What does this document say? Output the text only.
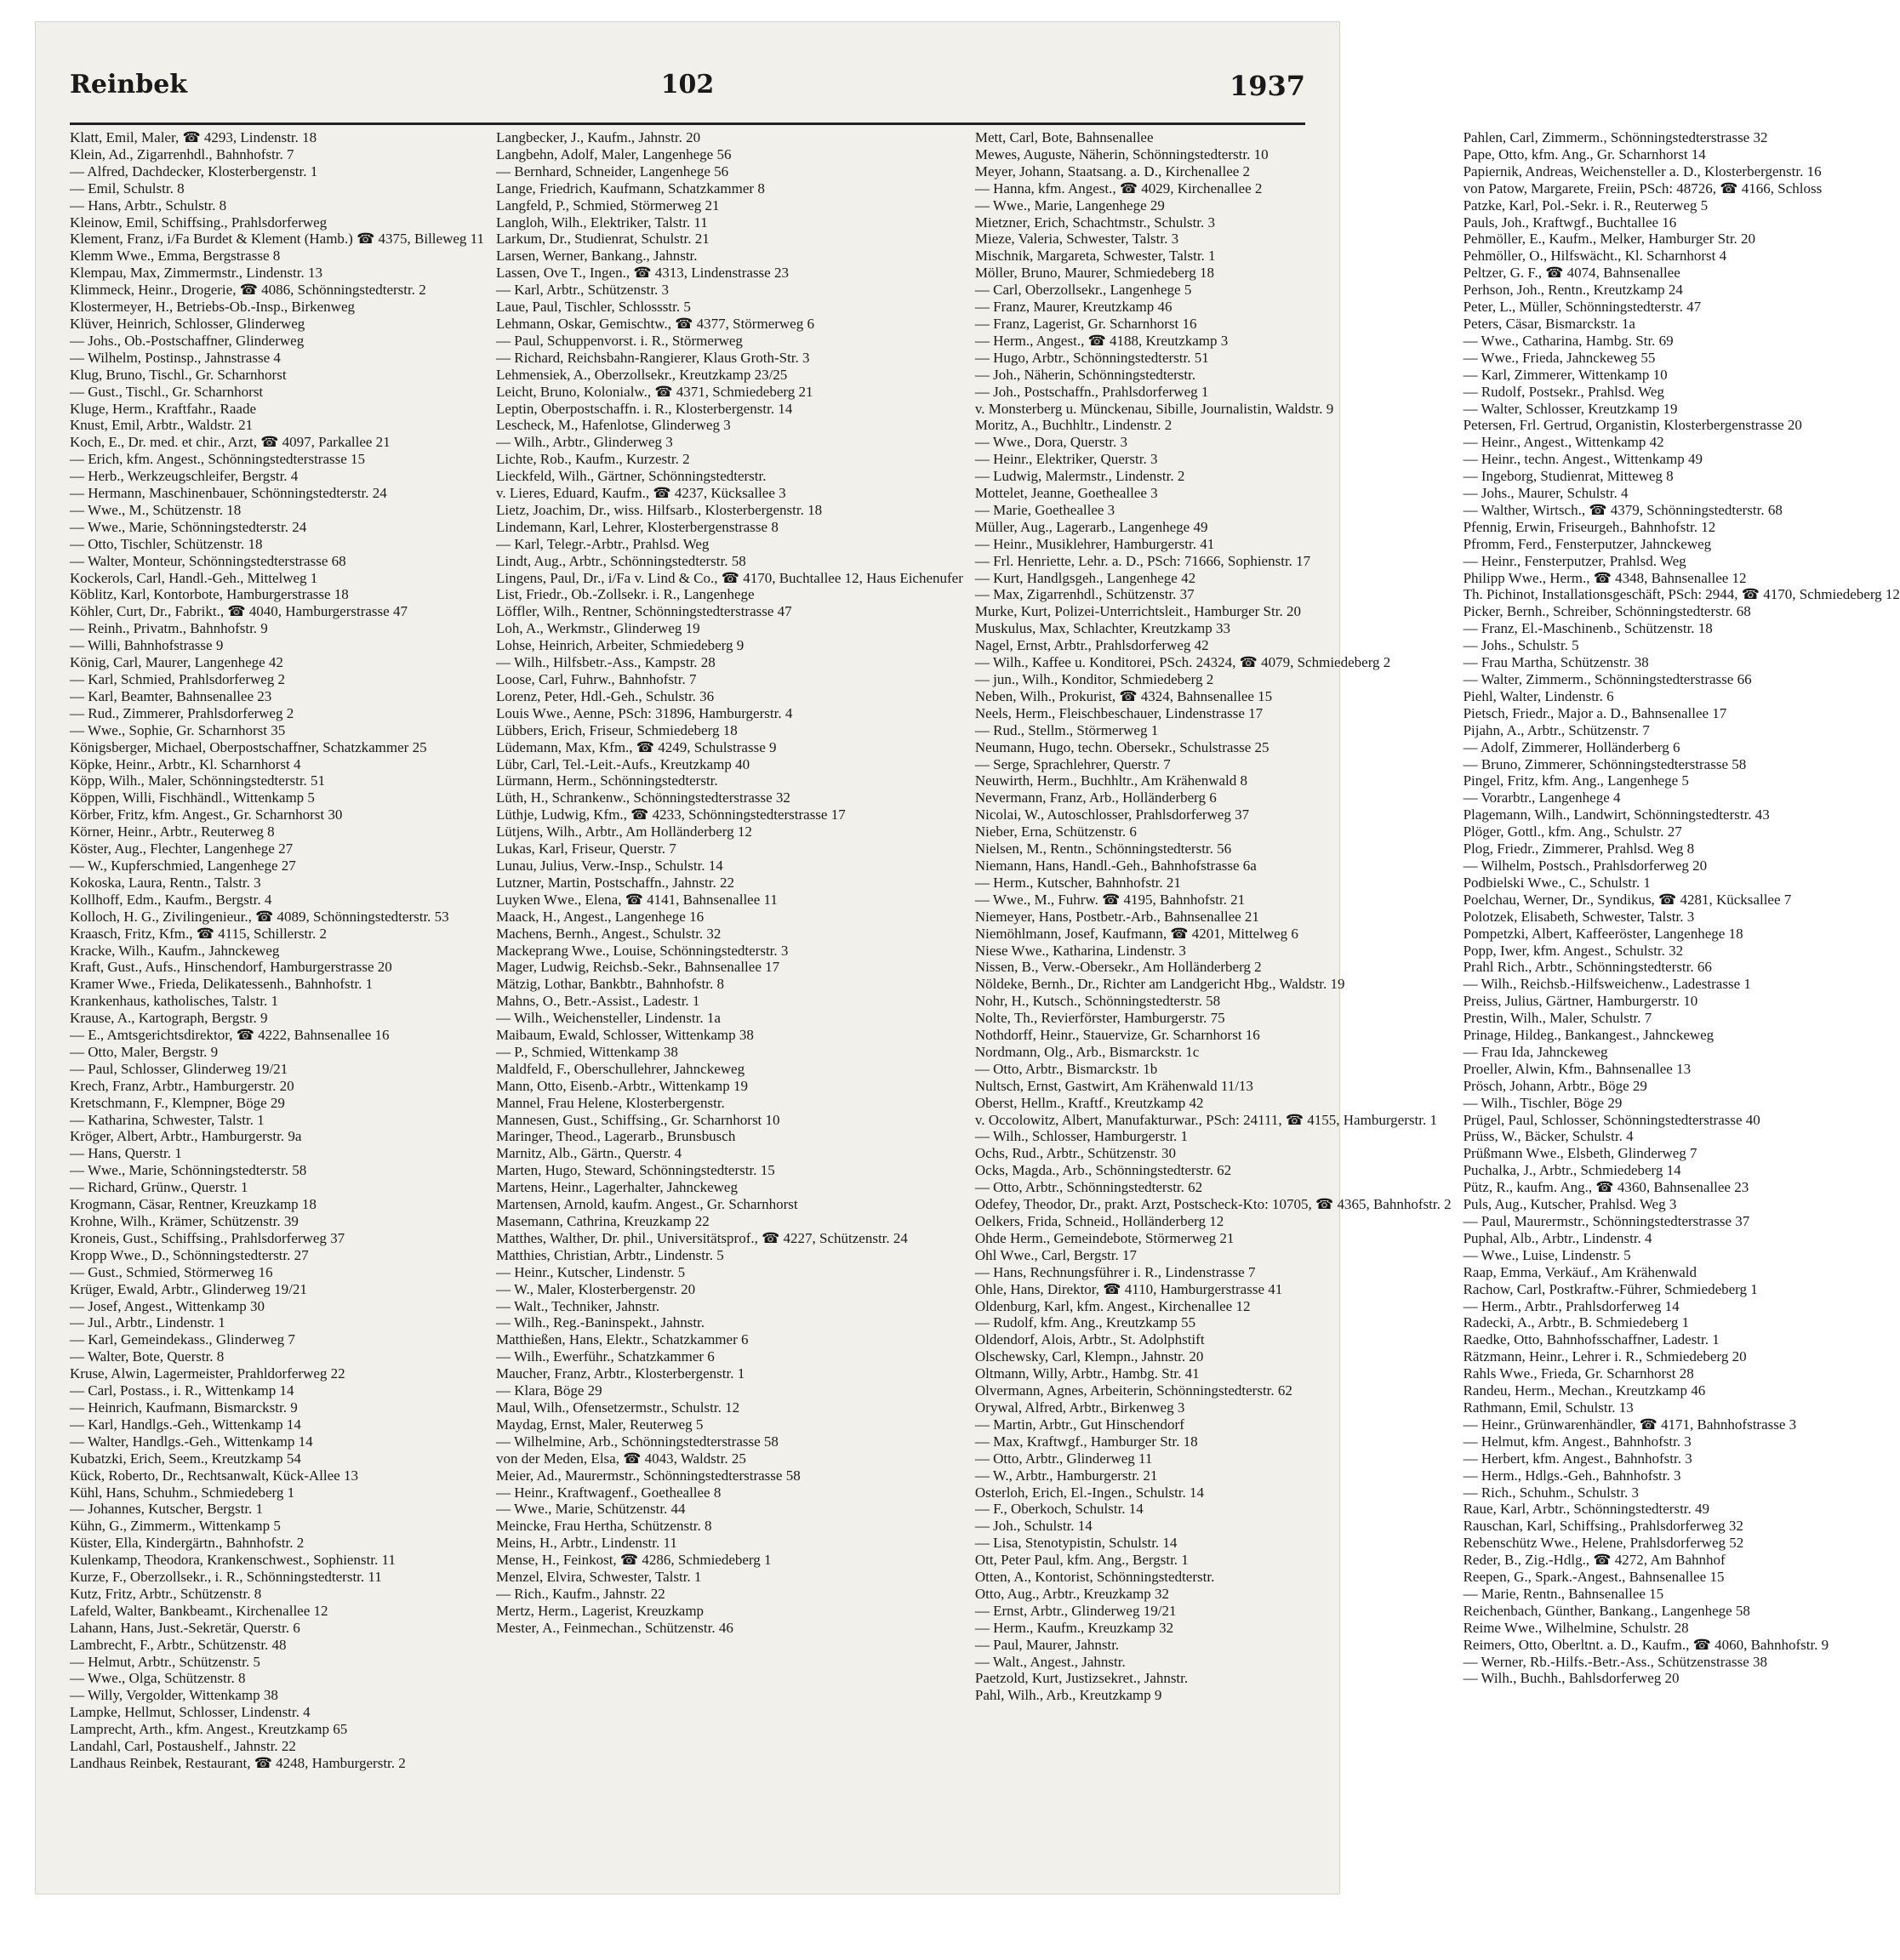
Reinbek	102	1937
Klatt, Emil, Maler, ☎ 4293, Lindenstr. 18
Klein, Ad., Zigarrenhdl., Bahnhofstr. 7
— Alfred, Dachdecker, Klosterbergenstr. 1
— Emil, Schulstr. 8
— Hans, Arbtr., Schulstr. 8
Kleinow, Emil, Schiffsing., Prahlsdorferweg
Klement, Franz, i/Fa Burdet & Klement (Hamb.) ☎ 4375, Billeweg 11
Klemm Wwe., Emma, Bergstrasse 8
Klempau, Max, Zimmermstr., Lindenstr. 13
Klimmeck, Heinr., Drogerie, ☎ 4086, Schönningstedterstr. 2
Klostermeyer, H., Betriebs-Ob.-Insp., Birkenweg
Klüver, Heinrich, Schlosser, Glinderweg
— Johs., Ob.-Postschaffner, Glinderweg
— Wilhelm, Postinsp., Jahnstrasse 4
Klug, Bruno, Tischl., Gr. Scharnhorst
— Gust., Tischl., Gr. Scharnhorst
Kluge, Herm., Kraftfahr., Raade
Knust, Emil, Arbtr., Waldstr. 21
Koch, E., Dr. med. et chir., Arzt, ☎ 4097, Parkallee 21
— Erich, kfm. Angest., Schönningstedterstrasse 15
— Herb., Werkzeugschleifer, Bergstr. 4
— Hermann, Maschinenbauer, Schönningstedterstr. 24
— Wwe., M., Schützenstr. 18
— Wwe., Marie, Schönningstedterstr. 24
— Otto, Tischler, Schützenstr. 18
— Walter, Monteur, Schönningstedterstrasse 68
Kockerols, Carl, Handl.-Geh., Mittelweg 1
Köblitz, Karl, Kontorbote, Hamburgerstrasse 18
Köhler, Curt, Dr., Fabrikt., ☎ 4040, Hamburgerstrasse 47
— Reinh., Privatm., Bahnhofstr. 9
— Willi, Bahnhofstrasse 9
König, Carl, Maurer, Langenhege 42
— Karl, Schmied, Prahlsdorferweg 2
— Karl, Beamter, Bahnsenallee 23
— Rud., Zimmerer, Prahlsdorferweg 2
— Wwe., Sophie, Gr. Scharnhorst 35
Königsberger, Michael, Oberpostschaffner, Schatzkammer 25
Köpke, Heinr., Arbtr., Kl. Scharnhorst 4
Köpp, Wilh., Maler, Schönningstedterstr. 51
Köppen, Willi, Fischhändl., Wittenkamp 5
Körber, Fritz, kfm. Angest., Gr. Scharnhorst 30
Körner, Heinr., Arbtr., Reuterweg 8
Köster, Aug., Flechter, Langenhege 27
— W., Kupferschmied, Langenhege 27
Kokoska, Laura, Rentn., Talstr. 3
Kollhoff, Edm., Kaufm., Bergstr. 4
Kolloch, H. G., Zivilingenieur., ☎ 4089, Schönningstedterstr. 53
Kraasch, Fritz, Kfm., ☎ 4115, Schillerstr. 2
Kracke, Wilh., Kaufm., Jahnckeweg
Kraft, Gust., Aufs., Hinschendorf, Hamburgerstrasse 20
Kramer Wwe., Frieda, Delikatessenh., Bahnhofstr. 1
Krankenhaus, katholisches, Talstr. 1
Krause, A., Kartograph, Bergstr. 9
— E., Amtsgerichtsdirektor, ☎ 4222, Bahnsenallee 16
— Otto, Maler, Bergstr. 9
— Paul, Schlosser, Glinderweg 19/21
Krech, Franz, Arbtr., Hamburgerstr. 20
Kretschmann, F., Klempner, Böge 29
— Katharina, Schwester, Talstr. 1
Kröger, Albert, Arbtr., Hamburgerstr. 9a
— Hans, Querstr. 1
— Wwe., Marie, Schönningstedterstr. 58
— Richard, Grünw., Querstr. 1
Krogmann, Cäsar, Rentner, Kreuzkamp 18
Krohne, Wilh., Krämer, Schützenstr. 39
Kroneis, Gust., Schiffsing., Prahlsdorferweg 37
Kropp Wwe., D., Schönningstedterstr. 27
— Gust., Schmied, Störmerweg 16
Krüger, Ewald, Arbtr., Glinderweg 19/21
— Josef, Angest., Wittenkamp 30
— Jul., Arbtr., Lindenstr. 1
— Karl, Gemeindekass., Glinderweg 7
— Walter, Bote, Querstr. 8
Kruse, Alwin, Lagermeister, Prahldorferweg 22
— Carl, Postass., i. R., Wittenkamp 14
— Heinrich, Kaufmann, Bismarckstr. 9
— Karl, Handlgs.-Geh., Wittenkamp 14
— Walter, Handlgs.-Geh., Wittenkamp 14
Kubatzki, Erich, Seem., Kreutzkamp 54
Kück, Roberto, Dr., Rechtsanwalt, Kück-Allee 13
Kühl, Hans, Schuhm., Schmiedeberg 1
— Johannes, Kutscher, Bergstr. 1
Kühn, G., Zimmerm., Wittenkamp 5
Küster, Ella, Kindergärtn., Bahnhofstr. 2
Kulenkamp, Theodora, Krankenschwest., Sophienstr. 11
Kurze, F., Oberzollsekr., i. R., Schönningstedterstr. 11
Kutz, Fritz, Arbtr., Schützenstr. 8
Lafeld, Walter, Bankbeamt., Kirchenallee 12
Lahann, Hans, Just.-Sekretär, Querstr. 6
Lambrecht, F., Arbtr., Schützenstr. 48
— Helmut, Arbtr., Schützenstr. 5
— Wwe., Olga, Schützenstr. 8
— Willy, Vergolder, Wittenkamp 38
Lampke, Hellmut, Schlosser, Lindenstr. 4
Lamprecht, Arth., kfm. Angest., Kreutzkamp 65
Landahl, Carl, Postaushelf., Jahnstr. 22
Landhaus Reinbek, Restaurant, ☎ 4248, Hamburgerstr. 2
Langbecker, J., Kaufm., Jahnstr. 20
Langbehn, Adolf, Maler, Langenhege 56
— Bernhard, Schneider, Langenhege 56
Lange, Friedrich, Kaufmann, Schatzkammer 8
Langfeld, P., Schmied, Störmerweg 21
Langloh, Wilh., Elektriker, Talstr. 11
Larkum, Dr., Studienrat, Schulstr. 21
Larsen, Werner, Bankang., Jahnstr.
Lassen, Ove T., Ingen., ☎ 4313, Lindenstrasse 23
— Karl, Arbtr., Schützenstr. 3
Laue, Paul, Tischler, Schlossstr. 5
Lehmann, Oskar, Gemischtw., ☎ 4377, Störmerweg 6
— Paul, Schuppenvorst. i. R., Störmerweg
— Richard, Reichsbahn-Rangierer, Klaus Groth-Str. 3
Lehmensiek, A., Oberzollsekr., Kreutzkamp 23/25
Leicht, Bruno, Kolonialw., ☎ 4371, Schmiedeberg 21
Leptin, Oberpostschaffn. i. R., Klosterbergenstr. 14
Lescheck, M., Hafenlotse, Glinderweg 3
— Wilh., Arbtr., Glinderweg 3
Lichte, Rob., Kaufm., Kurzestr. 2
Lieckfeld, Wilh., Gärtner, Schönningstedterstr.
v. Lieres, Eduard, Kaufm., ☎ 4237, Kücksallee 3
Lietz, Joachim, Dr., wiss. Hilfsarb., Klosterbergenstr. 18
Lindemann, Karl, Lehrer, Klosterbergenstrasse 8
— Karl, Telegr.-Arbtr., Prahlsd. Weg
Lindt, Aug., Arbtr., Schönningstedterstr. 58
Lingens, Paul, Dr., i/Fa v. Lind & Co., ☎ 4170, Buchtallee 12, Haus Eichenufer
List, Friedr., Ob.-Zollsekr. i. R., Langenhege
Löffler, Wilh., Rentner, Schönningstedterstrasse 47
Loh, A., Werkmstr., Glinderweg 19
Lohse, Heinrich, Arbeiter, Schmiedeberg 9
— Wilh., Hilfsbetr.-Ass., Kampstr. 28
Loose, Carl, Fuhrw., Bahnhofstr. 7
Lorenz, Peter, Hdl.-Geh., Schulstr. 36
Louis Wwe., Aenne, PSch: 31896, Hamburgerstr. 4
Lübbers, Erich, Friseur, Schmiedeberg 18
Lüdemann, Max, Kfm., ☎ 4249, Schulstrasse 9
Lübr, Carl, Tel.-Leit.-Aufs., Kreutzkamp 40
Lürmann, Herm., Schönningstedterstr.
Lüth, H., Schrankenw., Schönningstedterstrasse 32
Lüthje, Ludwig, Kfm., ☎ 4233, Schönningstedterstrasse 17
Lütjens, Wilh., Arbtr., Am Holländerberg 12
Lukas, Karl, Friseur, Querstr. 7
Lunau, Julius, Verw.-Insp., Schulstr. 14
Lutzner, Martin, Postschaffn., Jahnstr. 22
Luyken Wwe., Elena, ☎ 4141, Bahnsenallee 11
Maack, H., Angest., Langenhege 16
Machens, Bernh., Angest., Schulstr. 32
Mackeprang Wwe., Louise, Schönningstedterstr. 3
Mager, Ludwig, Reichsb.-Sekr., Bahnsenallee 17
Mätzig, Lothar, Bankbtr., Bahnhofstr. 8
Mahns, O., Betr.-Assist., Ladestr. 1
— Wilh., Weichensteller, Lindenstr. 1a
Maibaum, Ewald, Schlosser, Wittenkamp 38
— P., Schmied, Wittenkamp 38
Maldfeld, F., Oberschullehrer, Jahnckeweg
Mann, Otto, Eisenb.-Arbtr., Wittenkamp 19
Mannel, Frau Helene, Klosterbergenstr.
Mannesen, Gust., Schiffsing., Gr. Scharnhorst 10
Maringer, Theod., Lagerarb., Brunsbusch
Marnitz, Alb., Gärtn., Querstr. 4
Marten, Hugo, Steward, Schönningstedterstr. 15
Martens, Heinr., Lagerhalter, Jahnckeweg
Martensen, Arnold, kaufm. Angest., Gr. Scharnhorst
Masemann, Cathrina, Kreuzkamp 22
Matthes, Walther, Dr. phil., Universitätsprof., ☎ 4227, Schützenstr. 24
Matthies, Christian, Arbtr., Lindenstr. 5
— Heinr., Kutscher, Lindenstr. 5
— W., Maler, Klosterbergenstr. 20
— Walt., Techniker, Jahnstr.
— Wilh., Reg.-Baninspekt., Jahnstr.
Matthießen, Hans, Elektr., Schatzkammer 6
— Wilh., Ewerführ., Schatzkammer 6
Maucher, Franz, Arbtr., Klosterbergenstr. 1
— Klara, Böge 29
Maul, Wilh., Ofensetzermstr., Schulstr. 12
Maydag, Ernst, Maler, Reuterweg 5
— Wilhelmine, Arb., Schönningstedterstrasse 58
von der Meden, Elsa, ☎ 4043, Waldstr. 25
Meier, Ad., Maurermstr., Schönningstedterstrasse 58
— Heinr., Kraftwagenf., Goetheallee 8
— Wwe., Marie, Schützenstr. 44
Meincke, Frau Hertha, Schützenstr. 8
Meins, H., Arbtr., Lindenstr. 11
Mense, H., Feinkost, ☎ 4286, Schmiedeberg 1
Menzel, Elvira, Schwester, Talstr. 1
— Rich., Kaufm., Jahnstr. 22
Mertz, Herm., Lagerist, Kreuzkamp
Mester, A., Feinmechan., Schützenstr. 46
Mett, Carl, Bote, Bahnsenallee
Mewes, Auguste, Näherin, Schönningstedterstr. 10
Meyer, Johann, Staatsang. a. D., Kirchenallee 2
— Hanna, kfm. Angest., ☎ 4029, Kirchenallee 2
— Wwe., Marie, Langenhege 29
Mietzner, Erich, Schachtmstr., Schulstr. 3
Mieze, Valeria, Schwester, Talstr. 3
Mischnik, Margareta, Schwester, Talstr. 1
Möller, Bruno, Maurer, Schmiedeberg 18
— Carl, Oberzollsekr., Langenhege 5
— Franz, Maurer, Kreutzkamp 46
— Franz, Lagerist, Gr. Scharnhorst 16
— Herm., Angest., ☎ 4188, Kreutzkamp 3
— Hugo, Arbtr., Schönningstedterstr. 51
— Joh., Näherin, Schönningstedterstr.
— Joh., Postschaffn., Prahlsdorferweg 1
v. Monsterberg u. Münckenau, Sibille, Journalistin, Waldstr. 9
Moritz, A., Buchhltr., Lindenstr. 2
— Wwe., Dora, Querstr. 3
— Heinr., Elektriker, Querstr. 3
— Ludwig, Malermstr., Lindenstr. 2
Mottelet, Jeanne, Goetheallee 3
— Marie, Goetheallee 3
Müller, Aug., Lagerarb., Langenhege 49
— Heinr., Musiklehrer, Hamburgerstr. 41
— Frl. Henriette, Lehr. a. D., PSch: 71666, Sophienstr. 17
— Kurt, Handlgsgeh., Langenhege 42
— Max, Zigarrenhdl., Schützenstr. 37
Murke, Kurt, Polizei-Unterrichtsleit., Hamburger Str. 20
Muskulus, Max, Schlachter, Kreutzkamp 33
Nagel, Ernst, Arbtr., Prahlsdorferweg 42
— Wilh., Kaffee u. Konditorei, PSch. 24324, ☎ 4079, Schmiedeberg 2
— jun., Wilh., Konditor, Schmiedeberg 2
Neben, Wilh., Prokurist, ☎ 4324, Bahnsenallee 15
Neels, Herm., Fleischbeschauer, Lindenstrasse 17
— Rud., Stellm., Störmerweg 1
Neumann, Hugo, techn. Obersekr., Schulstrasse 25
— Serge, Sprachlehrer, Querstr. 7
Neuwirth, Herm., Buchhltr., Am Krähenwald 8
Nevermann, Franz, Arb., Holländerberg 6
Nicolai, W., Autoschlosser, Prahlsdorferweg 37
Nieber, Erna, Schützenstr. 6
Nielsen, M., Rentn., Schönningstedterstr. 56
Niemann, Hans, Handl.-Geh., Bahnhofstrasse 6a
— Herm., Kutscher, Bahnhofstr. 21
— Wwe., M., Fuhrw. ☎ 4195, Bahnhofstr. 21
Niemeyer, Hans, Postbetr.-Arb., Bahnsenallee 21
Niemöhlmann, Josef, Kaufmann, ☎ 4201, Mittelweg 6
Niese Wwe., Katharina, Lindenstr. 3
Nissen, B., Verw.-Obersekr., Am Holländerberg 2
Nöldeke, Bernh., Dr., Richter am Landgericht Hbg., Waldstr. 19
Nohr, H., Kutsch., Schönningstedterstr. 58
Nolte, Th., Revierförster, Hamburgerstr. 75
Nothdorff, Heinr., Stauervize, Gr. Scharnhorst 16
Nordmann, Olg., Arb., Bismarckstr. 1c
— Otto, Arbtr., Bismarckstr. 1b
Nultsch, Ernst, Gastwirt, Am Krähenwald 11/13
Oberst, Hellm., Kraftf., Kreutzkamp 42
v. Occolowitz, Albert, Manufakturwar., PSch: 24111, ☎ 4155, Hamburgerstr. 1
— Wilh., Schlosser, Hamburgerstr. 1
Ochs, Rud., Arbtr., Schützenstr. 30
Ocks, Magda., Arb., Schönningstedterstr. 62
— Otto, Arbtr., Schönningstedterstr. 62
Odefey, Theodor, Dr., prakt. Arzt, Postscheck-Kto: 10705, ☎ 4365, Bahnhofstr. 2
Oelkers, Frida, Schneid., Holländerberg 12
Ohde Herm., Gemeindebote, Störmerweg 21
Ohl Wwe., Carl, Bergstr. 17
— Hans, Rechnungsführer i. R., Lindenstrasse 7
Ohle, Hans, Direktor, ☎ 4110, Hamburgerstrasse 41
Oldenburg, Karl, kfm. Angest., Kirchenallee 12
— Rudolf, kfm. Ang., Kreutzkamp 55
Oldendorf, Alois, Arbtr., St. Adolphstift
Olschewsky, Carl, Klempn., Jahnstr. 20
Oltmann, Willy, Arbtr., Hambg. Str. 41
Olvermann, Agnes, Arbeiterin, Schönningstedterstr. 62
Orywal, Alfred, Arbtr., Birkenweg 3
— Martin, Arbtr., Gut Hinschendorf
— Max, Kraftwgf., Hamburger Str. 18
— Otto, Arbtr., Glinderweg 11
— W., Arbtr., Hamburgerstr. 21
Osterloh, Erich, El.-Ingen., Schulstr. 14
— F., Oberkoch, Schulstr. 14
— Joh., Schulstr. 14
— Lisa, Stenotypistin, Schulstr. 14
Ott, Peter Paul, kfm. Ang., Bergstr. 1
Otten, A., Kontorist, Schönningstedterstr.
Otto, Aug., Arbtr., Kreuzkamp 32
— Ernst, Arbtr., Glinderweg 19/21
— Herm., Kaufm., Kreuzkamp 32
— Paul, Maurer, Jahnstr.
— Walt., Angest., Jahnstr.
Paetzold, Kurt, Justizsekret., Jahnstr.
Pahl, Wilh., Arb., Kreutzkamp 9
Pahlen, Carl, Zimmerm., Schönningstedterstrasse 32
Pape, Otto, kfm. Ang., Gr. Scharnhorst 14
Papiernik, Andreas, Weichensteller a. D., Klosterbergenstr. 16
von Patow, Margarete, Freiin, PSch: 48726, ☎ 4166, Schloss
Patzke, Karl, Pol.-Sekr. i. R., Reuterweg 5
Pauls, Joh., Kraftwgf., Buchtallee 16
Pehmöller, E., Kaufm., Melker, Hamburger Str. 20
Pehmöller, O., Hilfswächt., Kl. Scharnhorst 4
Peltzer, G. F., ☎ 4074, Bahnsenallee
Perhson, Joh., Rentn., Kreutzkamp 24
Peter, L., Müller, Schönningstedterstr. 47
Peters, Cäsar, Bismarckstr. 1a
— Wwe., Catharina, Hambg. Str. 69
— Wwe., Frieda, Jahnckeweg 55
— Karl, Zimmerer, Wittenkamp 10
— Rudolf, Postsekr., Prahlsd. Weg
— Walter, Schlosser, Kreutzkamp 19
Petersen, Frl. Gertrud, Organistin, Klosterbergenstrasse 20
— Heinr., Angest., Wittenkamp 42
— Heinr., techn. Angest., Wittenkamp 49
— Ingeborg, Studienrat, Mitteweg 8
— Johs., Maurer, Schulstr. 4
— Walther, Wirtsch., ☎ 4379, Schönningstedterstr. 68
Pfennig, Erwin, Friseurgeh., Bahnhofstr. 12
Pfromm, Ferd., Fensterputzer, Jahnckeweg
— Heinr., Fensterputzer, Prahlsd. Weg
Philipp Wwe., Herm., ☎ 4348, Bahnsenallee 12
Th. Pichinot, Installationsgeschäft, PSch: 2944, ☎ 4170, Schmiedeberg 12
Picker, Bernh., Schreiber, Schönningstedterstr. 68
— Franz, El.-Maschinenb., Schützenstr. 18
— Johs., Schulstr. 5
— Frau Martha, Schützenstr. 38
— Walter, Zimmerm., Schönningstedterstrasse 66
Piehl, Walter, Lindenstr. 6
Pietsch, Friedr., Major a. D., Bahnsenallee 17
Pijahn, A., Arbtr., Schützenstr. 7
— Adolf, Zimmerer, Holländerberg 6
— Bruno, Zimmerer, Schönningstedterstrasse 58
Pingel, Fritz, kfm. Ang., Langenhege 5
— Vorarbtr., Langenhege 4
Plagemann, Wilh., Landwirt, Schönningstedterstr. 43
Plöger, Gottl., kfm. Ang., Schulstr. 27
Plog, Friedr., Zimmerer, Prahlsd. Weg 8
— Wilhelm, Postsch., Prahlsdorferweg 20
Podbielski Wwe., C., Schulstr. 1
Poelchau, Werner, Dr., Syndikus, ☎ 4281, Kücksallee 7
Polotzek, Elisabeth, Schwester, Talstr. 3
Pompetzki, Albert, Kaffeeröster, Langenhege 18
Popp, Iwer, kfm. Angest., Schulstr. 32
Prahl Rich., Arbtr., Schönningstedterstr. 66
— Wilh., Reichsb.-Hilfsweichenw., Ladestrasse 1
Preiss, Julius, Gärtner, Hamburgerstr. 10
Prestin, Wilh., Maler, Schulstr. 7
Prinage, Hildeg., Bankangest., Jahnckeweg
— Frau Ida, Jahnckeweg
Proeller, Alwin, Kfm., Bahnsenallee 13
Prösch, Johann, Arbtr., Böge 29
— Wilh., Tischler, Böge 29
Prügel, Paul, Schlosser, Schönningstedterstrasse 40
Prüss, W., Bäcker, Schulstr. 4
Prüßmann Wwe., Elsbeth, Glinderweg 7
Puchalka, J., Arbtr., Schmiedeberg 14
Pütz, R., kaufm. Ang., ☎ 4360, Bahnsenallee 23
Puls, Aug., Kutscher, Prahlsd. Weg 3
— Paul, Maurermstr., Schönningstedterstrasse 37
Puphal, Alb., Arbtr., Lindenstr. 4
— Wwe., Luise, Lindenstr. 5
Raap, Emma, Verkäuf., Am Krähenwald
Rachow, Carl, Postkraftw.-Führer, Schmiedeberg 1
— Herm., Arbtr., Prahlsdorferweg 14
Radecki, A., Arbtr., B. Schmiedeberg 1
Raedke, Otto, Bahnhofsschaffner, Ladestr. 1
Rätzmann, Heinr., Lehrer i. R., Schmiedeberg 20
Rahls Wwe., Frieda, Gr. Scharnhorst 28
Randeu, Herm., Mechan., Kreutzkamp 46
Rathmann, Emil, Schulstr. 13
— Heinr., Grünwarenhändler, ☎ 4171, Bahnhofstrasse 3
— Helmut, kfm. Angest., Bahnhofstr. 3
— Herbert, kfm. Angest., Bahnhofstr. 3
— Herm., Hdlgs.-Geh., Bahnhofstr. 3
— Rich., Schuhm., Schulstr. 3
Raue, Karl, Arbtr., Schönningstedterstr. 49
Rauschan, Karl, Schiffsing., Prahlsdorferweg 32
Rebenschütz Wwe., Helene, Prahlsdorferweg 52
Reder, B., Zig.-Hdlg., ☎ 4272, Am Bahnhof
Reepen, G., Spark.-Angest., Bahnsenallee 15
— Marie, Rentn., Bahnsenallee 15
Reichenbach, Günther, Bankang., Langenhege 58
Reime Wwe., Wilhelmine, Schulstr. 28
Reimers, Otto, Oberltnt. a. D., Kaufm., ☎ 4060, Bahnhofstr. 9
— Werner, Rb.-Hilfs.-Betr.-Ass., Schützenstrasse 38
— Wilh., Buchh., Bahlsdorferweg 20
